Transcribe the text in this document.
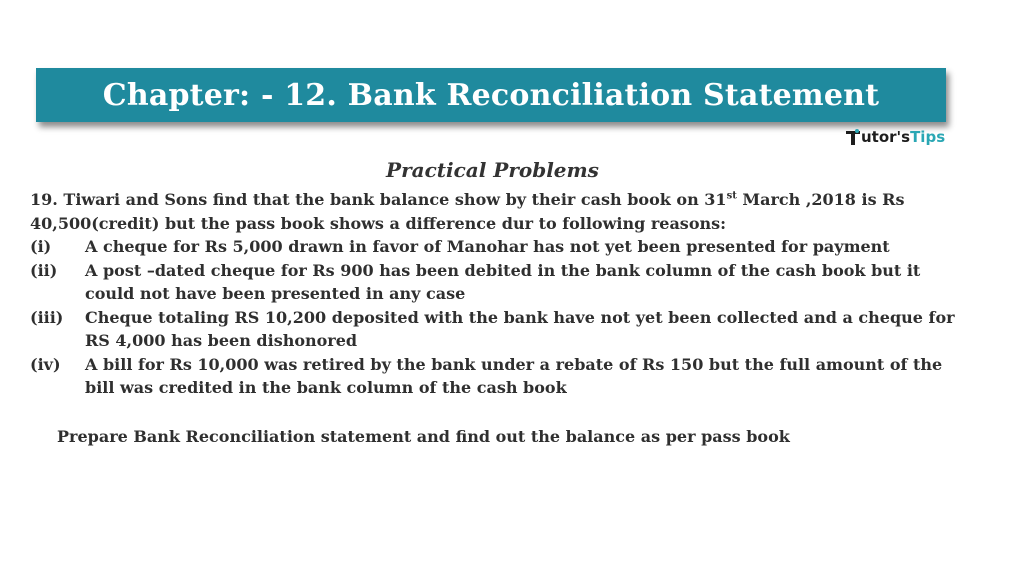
Chapter: - 12. Bank Reconciliation Statement
utor's Tips
Practical Problems

19. Tiwari and Sons find that the bank balance show by their cash book on 31st March ,2018 is Rs 40,500(credit) but the pass book shows a difference dur to following reasons:

(i)	A cheque for Rs 5,000 drawn in favor of Manohar has not yet been presented for payment
(ii)	A post –dated cheque for Rs 900 has been debited in the bank column of the cash book but it could not have been presented in any case
(iii)	Cheque totaling RS 10,200 deposited with the bank have not yet been collected and a cheque for RS 4,000 has been dishonored
(iv)	A bill for Rs 10,000 was retired by the bank under a rebate of Rs 150 but the full amount of the bill was credited in the bank column of the cash book
Prepare Bank Reconciliation statement and find out the balance as per pass book
